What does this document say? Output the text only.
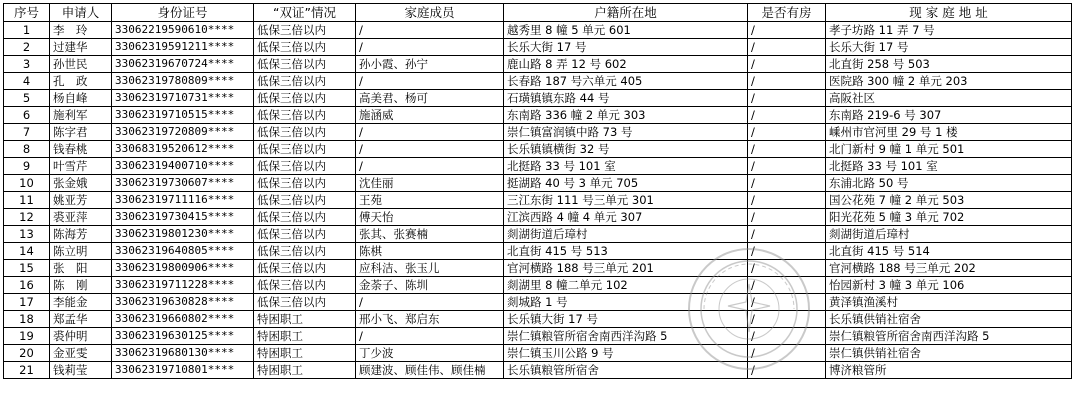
序号	申请人	身份证号	“双证”情况	家庭成员	户籍所在地	是否有房	现 家 庭 地 址
1	李　玲	33062219590610****	低保三倍以内	/	越秀里 8 幢 5 单元 601	/	孝子坊路 11 弄 7 号
2	过建华	33062319591211****	低保三倍以内	/	长乐大街 17 号	/	长乐大街 17 号
3	孙世民	33062319670724****	低保三倍以内	孙小霞、孙宁	鹿山路 8 弄 12 号 602	/	北直街 258 号 503
4	孔　政	33062319780809****	低保三倍以内	/	长春路 187 号六单元 405	/	医院路 300 幢 2 单元 203
5	杨自峰	33062319710731****	低保三倍以内	高美君、杨可	石璜镇镇东路 44 号	/	高阪社区
6	施利军	33062319710515****	低保三倍以内	施涵威	东南路 336 幢 2 单元 303	/	东南路 219-6 号 307
7	陈字君	33062319720809****	低保三倍以内	/	崇仁镇富润镇中路 73 号	/	嵊州市官河里 29 号 1 楼
8	钱春桃	33068319520612****	低保三倍以内	/	长乐镇镇横街 32 号	/	北门新村 9 幢 1 单元 501
9	叶雪芹	33062319400710****	低保三倍以内	/	北挺路 33 号 101 室	/	北挺路 33 号 101 室
10	张金娥	33062319730607****	低保三倍以内	沈佳丽	挺湖路 40 号 3 单元 705	/	东浦北路 50 号
11	姚亚芳	33062319711116****	低保三倍以内	王苑	三江东街 111 号三单元 301	/	国公花苑 7 幢 2 单元 503
12	裘亚萍	33062319730415****	低保三倍以内	傅天怡	江滨西路 4 幢 4 单元 307	/	阳光花苑 5 幢 3 单元 702
13	陈海芳	33062319801230****	低保三倍以内	张其、张赛楠	剡湖街道后璋村	/	剡湖街道后璋村
14	陈立明	33062319640805****	低保三倍以内	陈棋	北直街 415 号 513	/	北直街 415 号 514
15	张　阳	33062319800906****	低保三倍以内	应科洁、张玉儿	官河横路 188 号三单元 201	/	官河横路 188 号三单元 202
16	陈　刚	33062319711228****	低保三倍以内	金荼子、陈圳	剡湖里 8 幢二单元 102	/	怡园新村 3 幢 3 单元 106
17	李能金	33062319630828****	低保三倍以内	/	剡城路 1 号	/	黄泽镇渔溪村
18	郑孟华	33062319660802****	特困职工	邢小飞、郑启东	长乐镇大街 17 号	/	长乐镇供销社宿舍
19	裘仲明	33062319630125****	特困职工	/	崇仁镇粮管所宿舍南西洋沟路 5	/	崇仁镇粮管所宿舍南西洋沟路 5
20	金亚雯	33062319680130****	特困职工	丁少波	崇仁镇玉川公路 9 号	/	崇仁镇供销社宿舍
21	钱莉莹	33062319710801****	特困职工	顾建波、顾佳伟、顾佳楠	长乐镇粮管所宿舍	/	博济粮管所
